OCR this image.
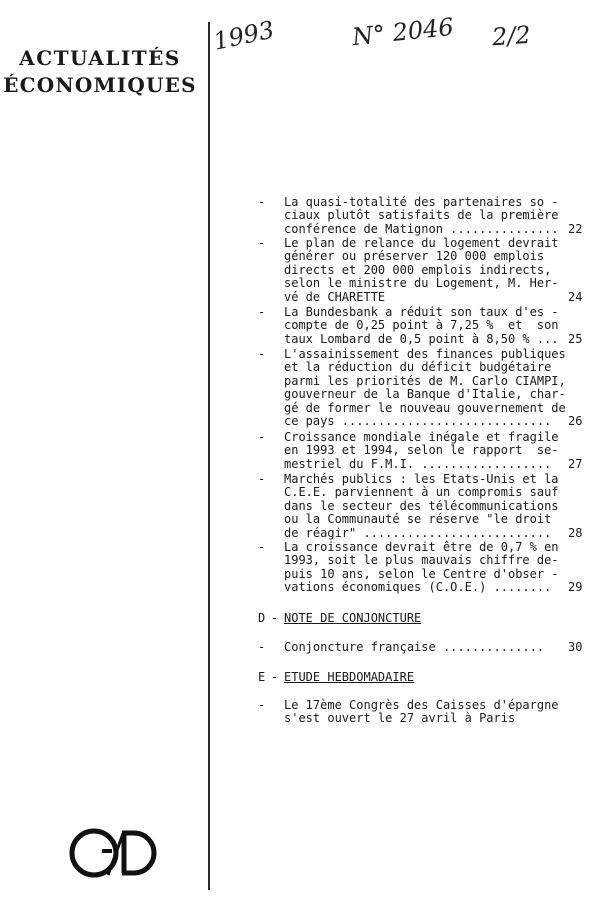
ACTUALITÉS
ÉCONOMIQUES
1993	N° 2046 2/2
- La quasi-totalité des partenaires so -
ciaux plutôt satisfaits de la première
conférence de Matignon ............... 22
- Le plan de relance du logement devrait
générer ou préserver 120 000 emplois
directs et 200 000 emplois indirects,
selon le ministre du Logement, M. Her-
vé de CHARETTE	24
- La Bundesbank a réduit son taux d'es -
compte de 0,25 point à 7,25 %  et  son
taux Lombard de 0,5 point à 8,50 % ... 25
- L'assainissement des finances publiques
et la réduction du déficit budgétaire
parmi les priorités de M. Carlo CIAMPI,
gouverneur de la Banque d'Italie, char-
gé de former le nouveau gouvernement de
ce pays ............................. 26
- Croissance mondiale inégale et fragile
en 1993 et 1994, selon le rapport  se-
mestriel du F.M.I. .................. 27
- Marchés publics : les Etats-Unis et la
C.E.E. parviennent à un compromis sauf
dans le secteur des télécommunications
ou la Communauté se réserve "le droit
de réagir" .......................... 28
- La croissance devrait être de 0,7 % en
1993, soit le plus mauvais chiffre de-
puis 10 ans, selon le Centre d'obser -
vations économiques (C.O.E.) ........ 29
D - NOTE DE CONJONCTURE
- Conjoncture française ..............	30
E - ETUDE HEBDOMADAIRE
- Le 17ème Congrès des Caisses d'épargne
s'est ouvert le 27 avril à Paris
